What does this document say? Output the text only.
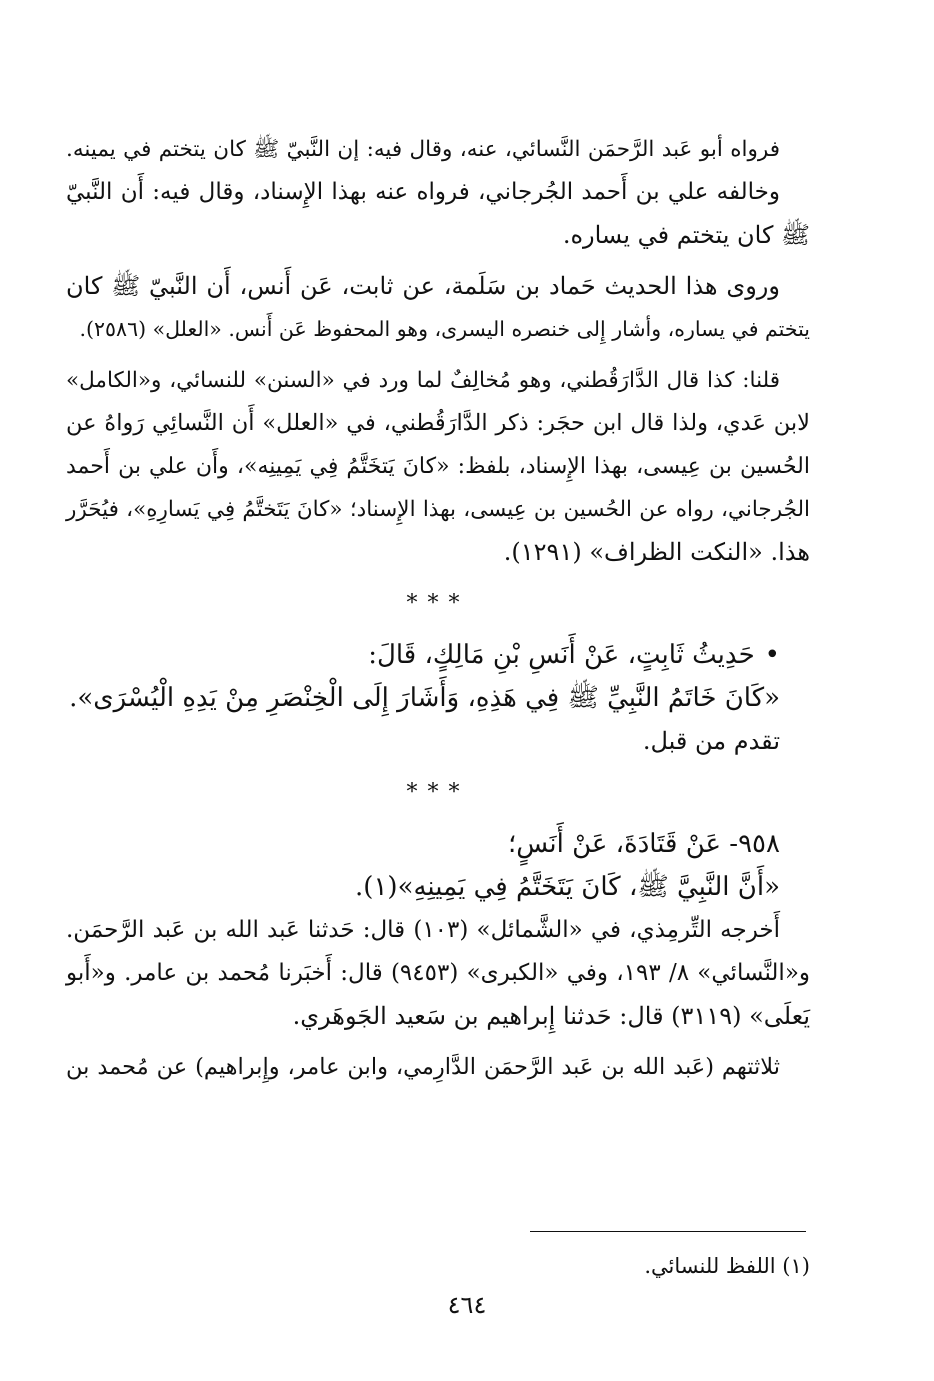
فرواه أبو عَبد الرَّحمَن النَّسائي، عنه، وقال فيه: إن النَّبيّ ﷺ كان يتختم في يمينه.
وخالفه علي بن أَحمد الجُرجاني، فرواه عنه بهذا الإِسناد، وقال فيه: أَن النَّبيّ
ﷺ كان يتختم في يساره.
وروى هذا الحديث حَماد بن سَلَمة، عن ثابت، عَن أَنس، أَن النَّبيّ ﷺ كان
يتختم في يساره، وأشار إِلى خنصره اليسرى، وهو المحفوظ عَن أَنس. «العلل» (٢٥٨٦).
قلنا: كذا قال الدَّارَقُطني، وهو مُخالِفٌ لما ورد في «السنن» للنسائي، و«الكامل»
لابن عَدي، ولذا قال ابن حجَر: ذكر الدَّارَقُطني، في «العلل» أَن النَّسائِي رَواهُ عن
الحُسين بن عِيسى، بهذا الإِسناد، بلفظ: «كانَ يَتخَتَّمُ فِي يَمِينِه»، وأَن علي بن أَحمد
الجُرجاني، رواه عن الحُسين بن عِيسى، بهذا الإِسناد؛ «كانَ يَتَختَّمُ فِي يَسارِهِ»، فيُحَرَّر
هذا. «النكت الظراف» (١٢٩١).
***
•حَدِيثُ ثَابِتٍ، عَنْ أَنَسِ بْنِ مَالِكٍ، قَالَ:
«كَانَ خَاتَمُ النَّبِيِّ ﷺ فِي هَذِهِ، وَأَشَارَ إِلَى الْخِنْصَرِ مِنْ يَدِهِ الْيُسْرَى».
تقدم من قبل.
***
٩٥٨- عَنْ قَتَادَةَ، عَنْ أَنَسٍ؛
«أَنَّ النَّبِيَّ ﷺ، كَانَ يَتَخَتَّمُ فِي يَمِينِهِ»(١).
أَخرجه التِّرمِذي، في «الشَّمائل» (١٠٣) قال: حَدثنا عَبد الله بن عَبد الرَّحمَن.
و«النَّسائي» ٨/ ١٩٣، وفي «الكبرى» (٩٤٥٣) قال: أَخبَرنا مُحمد بن عامر. و«أَبو
يَعلَى» (٣١١٩) قال: حَدثنا إِبراهيم بن سَعيد الجَوهَري.
ثلاثتهم (عَبد الله بن عَبد الرَّحمَن الدَّارِمي، وابن عامر، وإِبراهيم) عن مُحمد بن
(١) اللفظ للنسائي.
٤٦٤
